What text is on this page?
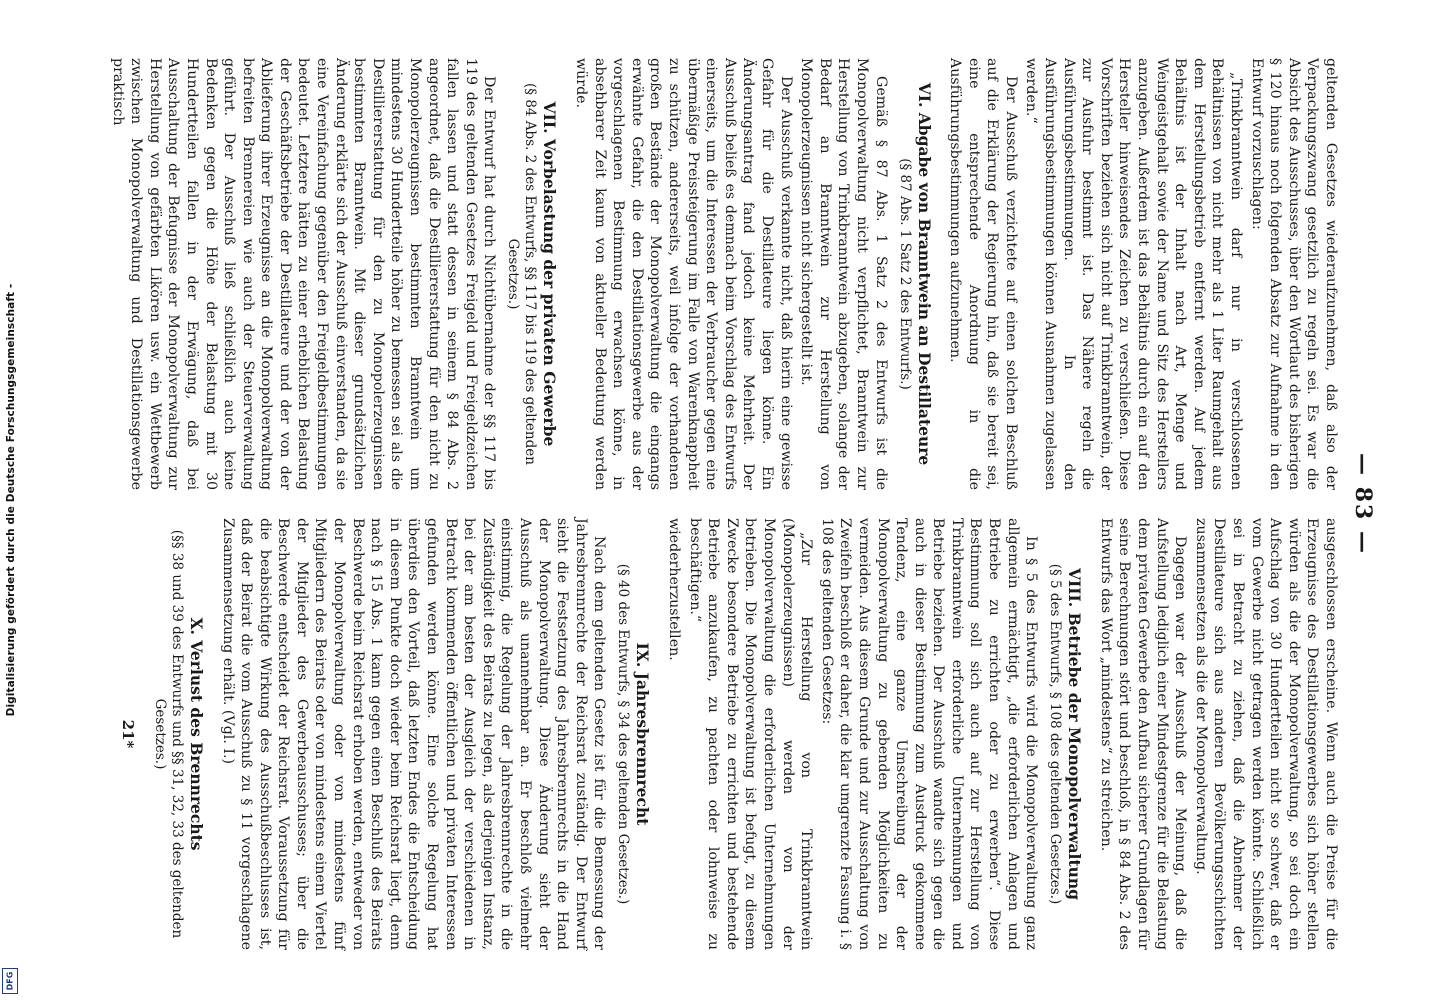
Digitalisierung gefördert durch die Deutsche Forschungsgemeinschaft -
DFG
— 83 —

geltenden Gesetzes wiederaufzunehmen, daß also der Verpackungszwang gesetzlich zu regeln sei. Es war die Absicht des Ausschusses, über den Wortlaut des bisherigen § 120 hinaus noch folgenden Absatz zur Aufnahme in den Entwurf vorzuschlagen:

„Trinkbranntwein darf nur in verschlossenen Behältnissen von nicht mehr als 1 Liter Raumgehalt aus dem Herstellungsbetrieb entfernt werden. Auf jedem Behältnis ist der Inhalt nach Art, Menge und Weingeistgehalt sowie der Name und Sitz des Herstellers anzugeben. Außerdem ist das Behältnis durch ein auf den Hersteller hinweisendes Zeichen zu verschließen. Diese Vorschriften beziehen sich nicht auf Trinkbranntwein, der zur Ausfuhr bestimmt ist. Das Nähere regeln die Ausführungsbestimmungen. In den Ausführungsbestimmungen können Ausnahmen zugelassen werden.“

Der Ausschuß verzichtete auf einen solchen Beschluß auf die Erklärung der Regierung hin, daß sie bereit sei, eine entsprechende Anordnung in die Ausführungsbestimmungen aufzunehmen.

VI. Abgabe von Branntwein an Destillateure
(§ 87 Abs. 1 Satz 2 des Entwurfs.)

Gemäß § 87 Abs. 1 Satz 2 des Entwurfs ist die Monopolverwaltung nicht verpflichtet, Branntwein zur Herstellung von Trinkbranntwein abzugeben, solange der Bedarf an Branntwein zur Herstellung von Monopolerzeugnissen nicht sichergestellt ist.

Der Ausschuß verkannte nicht, daß hierin eine gewisse Gefahr für die Destillateure liegen könne. Ein Änderungsantrag fand jedoch keine Mehrheit. Der Ausschuß beließ es demnach beim Vorschlag des Entwurfs einerseits, um die Interessen der Verbraucher gegen eine übermäßige Preissteigerung im Falle von Warenknappheit zu schützen, andererseits, weil infolge der vorhandenen großen Bestände der Monopolverwaltung die eingangs erwähnte Gefahr, die den Destillationsgewerbe aus der vorgeschlagenen Bestimmung erwachsen könne, in absehbarer Zeit kaum von aktueller Bedeutung werden würde.

VII. Vorbelastung der privaten Gewerbe
(§ 84 Abs. 2 des Entwurfs, §§ 117 bis 119 des geltenden Gesetzes.)

Der Entwurf hat durch Nichtübernahme der §§ 117 bis 119 des geltenden Gesetzes Freigeld und Freigeldzeichen fallen lassen und statt dessen in seinem § 84 Abs. 2 angeordnet, daß die Destilliererstattung für den nicht zu Monopolerzeugnissen bestimmten Branntwein um mindestens 30 Hundertteile höher zu bemessen sei als die Destilliererstattung für den zu Monopolerzeugnissen bestimmten Branntwein. Mit dieser grundsätzlichen Änderung erklärte sich der Ausschuß einverstanden, da sie eine Vereinfachung gegenüber den Freigeldbestimmungen bedeutet. Letztere hätten zu einer erheblichen Belastung der Geschäftsbetriebe der Destillateure und der von der Ablieferung ihrer Erzeugnisse an die Monopolverwaltung befreiten Brennereien wie auch der Steuerverwaltung geführt. Der Ausschuß ließ schließlich auch keine Bedenken gegen die Höhe der Belastung mit 30 Hundertteilen fallen in der Erwägung, daß bei Ausschaltung der Befugnisse der Monopolverwaltung zur Herstellung von gefärbten Likören usw. ein Wettbewerb zwischen Monopolverwaltung und Destillationsgewerbe praktisch

ausgeschlossen erscheine. Wenn auch die Preise für die Erzeugnisse des Destillationsgewerbes sich höher stellen würden als die der Monopolverwaltung, so sei doch ein Aufschlag von 30 Hundertteilen nicht so schwer, daß er vom Gewerbe nicht getragen werden könnte. Schließlich sei in Betracht zu ziehen, daß die Abnehmer der Destillateure sich aus anderen Bevölkerungsschichten zusammensetzen als die der Monopolverwaltung.

Dagegen war der Ausschuß der Meinung, daß die Aufstellung lediglich einer Mindestgrenze für die Belastung dem privaten Gewerbe den Aufbau sicherer Grundlagen für seine Berechnungen stört und beschloß, in § 84 Abs. 2 des Entwurfs das Wort „mindestens“ zu streichen.

VIII. Betriebe der Monopolverwaltung
(§ 5 des Entwurfs, § 108 des geltenden Gesetzes.)

In § 5 des Entwurfs wird die Monopolverwaltung ganz allgemein ermächtigt, „die erforderlichen Anlagen und Betriebe zu errichten oder zu erwerben“. Diese Bestimmung soll sich auch auf zur Herstellung von Trinkbranntwein erforderliche Unternehmungen und Betriebe beziehen. Der Ausschuß wandte sich gegen die auch in dieser Bestimmung zum Ausdruck gekommene Tendenz, eine ganze Umschreibung der der Monopolverwaltung zu gebenden Möglichkeiten zu vermeiden. Aus diesem Grunde und zur Ausschaltung von Zweifeln beschloß er daher, die klar umgrenzte Fassung i. § 108 des geltenden Gesetzes:

„Zur Herstellung von Trinkbranntwein (Monopolerzeugnissen) werden von der Monopolverwaltung die erforderlichen Unternehmungen betrieben. Die Monopolverwaltung ist befugt, zu diesem Zwecke besondere Betriebe zu errichten und bestehende Betriebe anzukaufen, zu pachten oder lohnweise zu beschäftigen.“

wiederherzustellen.

IX. Jahresbrennrecht
(§ 40 des Entwurfs, § 34 des geltenden Gesetzes.)

Nach dem geltenden Gesetz ist für die Bemessung der Jahresbrennrechte der Reichsrat zuständig. Der Entwurf sieht die Festsetzung des Jahresbrennrechts in die Hand der Monopolverwaltung. Diese Änderung sieht der Ausschuß als unannehmbar an. Er beschloß vielmehr einstimmig, die Regelung der Jahresbrennrechte in die Zuständigkeit des Beirats zu legen, als derjenigen Instanz, bei der am besten der Ausgleich der verschiedenen in Betracht kommenden öffentlichen und privaten Interessen gefunden werden könne. Eine solche Regelung hat überdies den Vorteil, daß letzten Endes die Entscheidung in diesem Punkte doch wieder beim Reichsrat liegt, denn nach § 15 Abs. 1 kann gegen einen Beschluß des Beirats Beschwerde beim Reichsrat erhoben werden, entweder von der Monopolverwaltung oder von mindestens fünf Mitgliedern des Beirats oder von mindestens einem Viertel der Mitglieder des Gewerbeausschusses; über die Beschwerde entscheidet der Reichsrat. Voraussetzung für die beabsichtigte Wirkung des Ausschußbeschlusses ist, daß der Beirat die vom Ausschuß zu § 11 vorgeschlagene Zusammensetzung erhält. (Vgl. I.)

X. Verlust des Brennrechts
(§§ 38 und 39 des Entwurfs und §§ 31, 32, 33 des geltenden Gesetzes.)
21*
